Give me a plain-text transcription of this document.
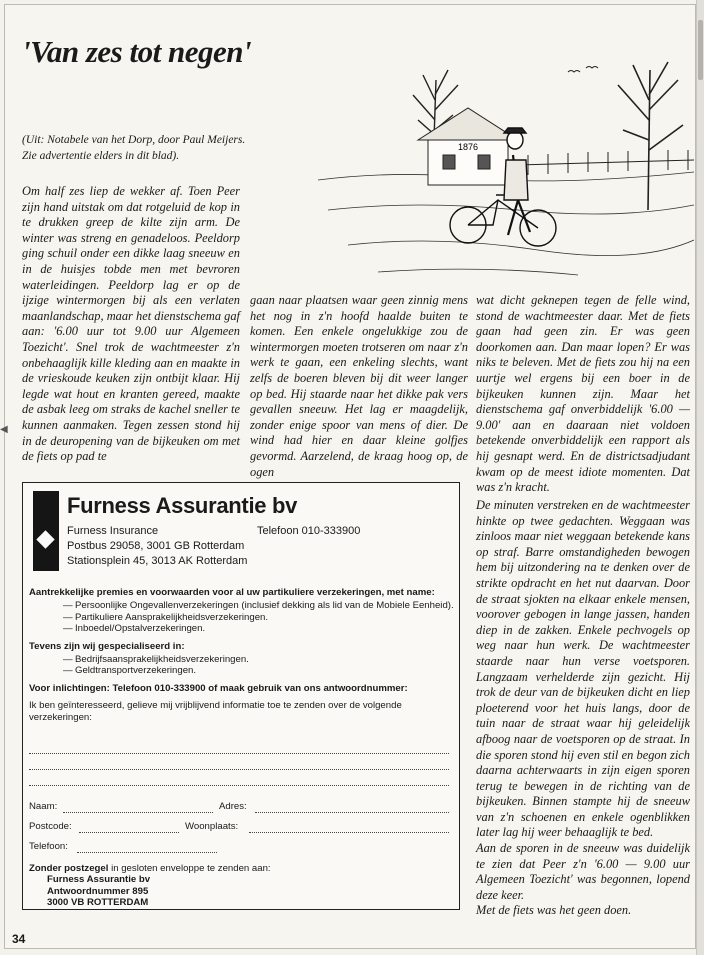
◀
'Van zes tot negen'
(Uit: Notabele van het Dorp, door Paul Meijers.
Zie advertentie elders in dit blad).
1876

Om half zes liep de wekker af. Toen Peer zijn hand uitstak om dat rotgeluid de kop in te drukken greep de kilte zijn arm. De winter was streng en genadeloos. Peeldorp ging schuil onder een dikke laag sneeuw en in de huisjes tobde men met bevroren waterleidingen. Peeldorp lag er op de ijzige wintermorgen bij als een verlaten maanlandschap, maar het dienstschema gaf aan: '6.00 uur tot 9.00 uur Algemeen Toezicht'. Snel trok de wachtmeester z'n onbehaaglijk kille kleding aan en maakte in de vrieskoude keuken zijn ontbijt klaar. Hij legde wat hout en kranten gereed, maakte de asbak leeg om straks de kachel sneller te kunnen aanmaken. Tegen zessen stond hij in de deuropening van de bijkeuken om met de fiets op pad te

gaan naar plaatsen waar geen zinnig mens het nog in z'n hoofd haalde buiten te komen. Een enkele ongelukkige zou de wintermorgen moeten trotseren om naar z'n werk te gaan, een enkeling slechts, want zelfs de boeren bleven bij dit weer langer op bed. Hij staarde naar het dikke pak vers gevallen sneeuw. Het lag er maagdelijk, zonder enige spoor van mens of dier. De wind had hier en daar kleine golfjes gevormd. Aarzelend, de kraag hoog op, de ogen

wat dicht geknepen tegen de felle wind, stond de wachtmeester daar. Met de fiets gaan had geen zin. Er was geen doorkomen aan. Dan maar lopen? Er was niks te beleven. Met de fiets zou hij na een uurtje wel ergens bij een boer in de bijkeuken kunnen zijn. Maar het dienstschema gaf onverbiddelijk '6.00 — 9.00' aan en daaraan niet voldoen betekende onverbiddelijk een rapport als hij gesnapt werd. En de districtsadjudant kwam op de meest idiote momenten. Dat was z'n kracht.

De minuten verstreken en de wachtmeester hinkte op twee gedachten. Weggaan was zinloos maar niet weggaan betekende kans op straf. Barre omstandigheden bewogen hem bij uitzondering na te denken over de strikte opdracht en het nut daarvan. Door de straat sjokten na elkaar enkele mensen, voorover gebogen in lange jassen, handen diep in de zakken. Enkele pechvogels op weg naar hun werk. De wachtmeester staarde naar hun verse voetsporen. Langzaam verhelderde zijn gezicht. Hij trok de deur van de bijkeuken dicht en liep ploeterend voor het huis langs, door de tuin naar de straat waar hij geleidelijk afboog naar de voetsporen op de straat. In die sporen stond hij even stil en begon zich daarna achterwaarts in zijn eigen sporen terug te bewegen in de richting van de bijkeuken. Binnen stampte hij de sneeuw van z'n schoenen en enkele ogenblikken later lag hij weer behaaglijk te bed.

Aan de sporen in de sneeuw was duidelijk te zien dat Peer z'n '6.00 — 9.00 uur Algemeen Toezicht' was begonnen, lopend deze keer.

Met de fiets was het geen doen.

Furness Assurantie bv
Furness Insurance	Telefoon 010-333900
Postbus 29058, 3001 GB Rotterdam
Stationsplein 45, 3013 AK Rotterdam
Aantrekkelijke premies en voorwaarden voor al uw partikuliere verzekeringen, met name:
— Persoonlijke Ongevallenverzekeringen (inclusief dekking als lid van de Mobiele Eenheid).
— Partikuliere Aansprakelijkheidsverzekeringen.
— Inboedel/Opstalverzekeringen.
Tevens zijn wij gespecialiseerd in:
— Bedrijfsaansprakelijkheidsverzekeringen.
— Geldtransportverzekeringen.
Voor inlichtingen: Telefoon 010-333900 of maak gebruik van ons antwoordnummer:
Ik ben geïnteresseerd, gelieve mij vrijblijvend informatie toe te zenden over de volgende verzekeringen:
Naam:	Adres:
Postcode:	Woonplaats:
Telefoon:
Zonder postzegel in gesloten enveloppe te zenden aan:
Furness Assurantie bv
Antwoordnummer 895
3000 VB ROTTERDAM
34
